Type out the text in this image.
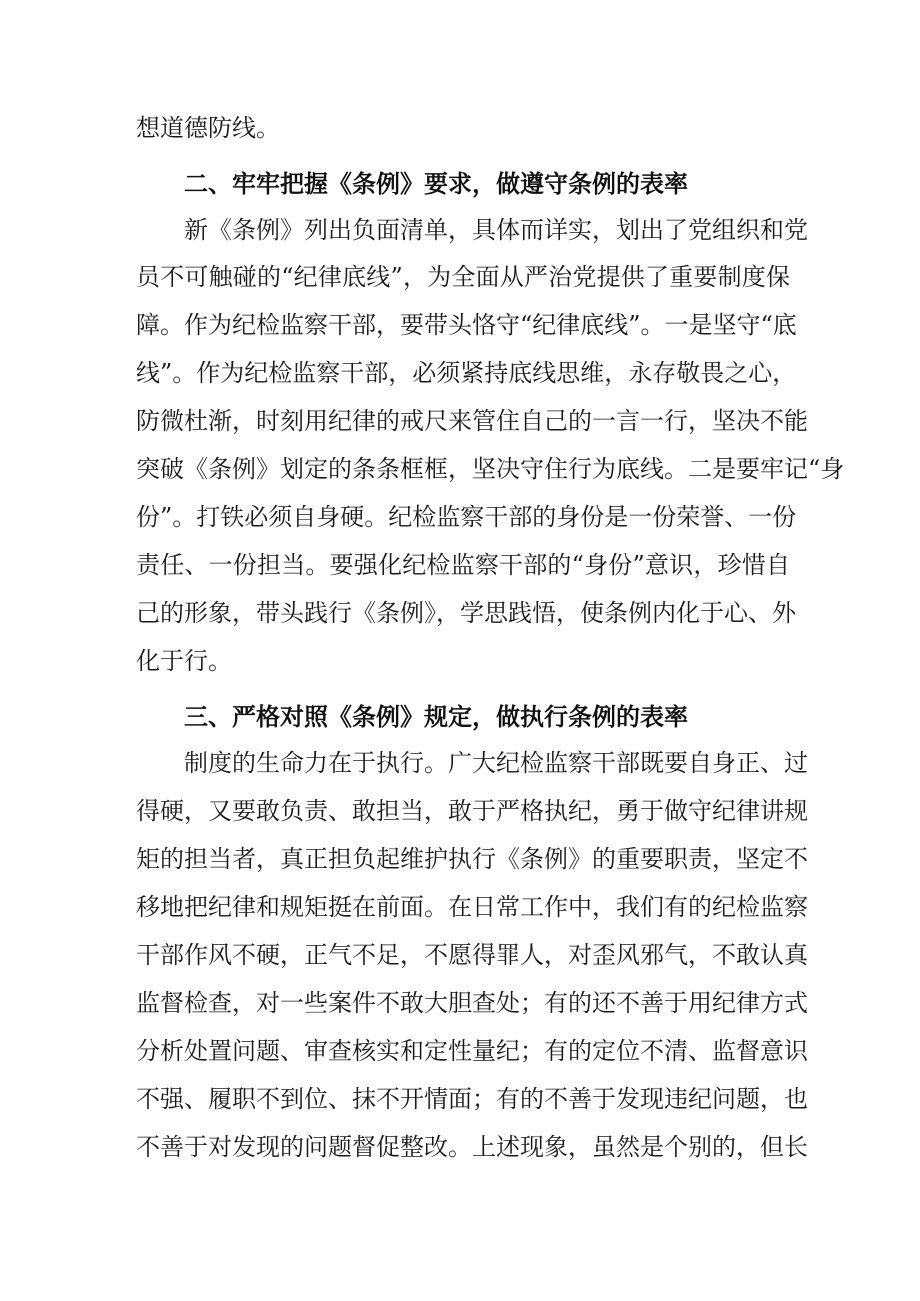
想道德防线。
二、牢牢把握《条例》要求，做遵守条例的表率
新《条例》列出负面清单，具体而详实，划出了党组织和党
员不可触碰的“纪律底线”，为全面从严治党提供了重要制度保
障。作为纪检监察干部，要带头恪守“纪律底线”。一是坚守“底
线”。作为纪检监察干部，必须紧持底线思维，永存敬畏之心，
防微杜渐，时刻用纪律的戒尺来管住自己的一言一行，坚决不能
突破《条例》划定的条条框框，坚决守住行为底线。二是要牢记“身
份”。打铁必须自身硬。纪检监察干部的身份是一份荣誉、一份
责任、一份担当。要强化纪检监察干部的“身份”意识，珍惜自
己的形象，带头践行《条例》，学思践悟，使条例内化于心、外
化于行。
三、严格对照《条例》规定，做执行条例的表率
制度的生命力在于执行。广大纪检监察干部既要自身正、过
得硬，又要敢负责、敢担当，敢于严格执纪，勇于做守纪律讲规
矩的担当者，真正担负起维护执行《条例》的重要职责，坚定不
移地把纪律和规矩挺在前面。在日常工作中，我们有的纪检监察
干部作风不硬，正气不足，不愿得罪人，对歪风邪气，不敢认真
监督检查，对一些案件不敢大胆查处；有的还不善于用纪律方式
分析处置问题、审查核实和定性量纪；有的定位不清、监督意识
不强、履职不到位、抹不开情面；有的不善于发现违纪问题，也
不善于对发现的问题督促整改。上述现象，虽然是个别的，但长
